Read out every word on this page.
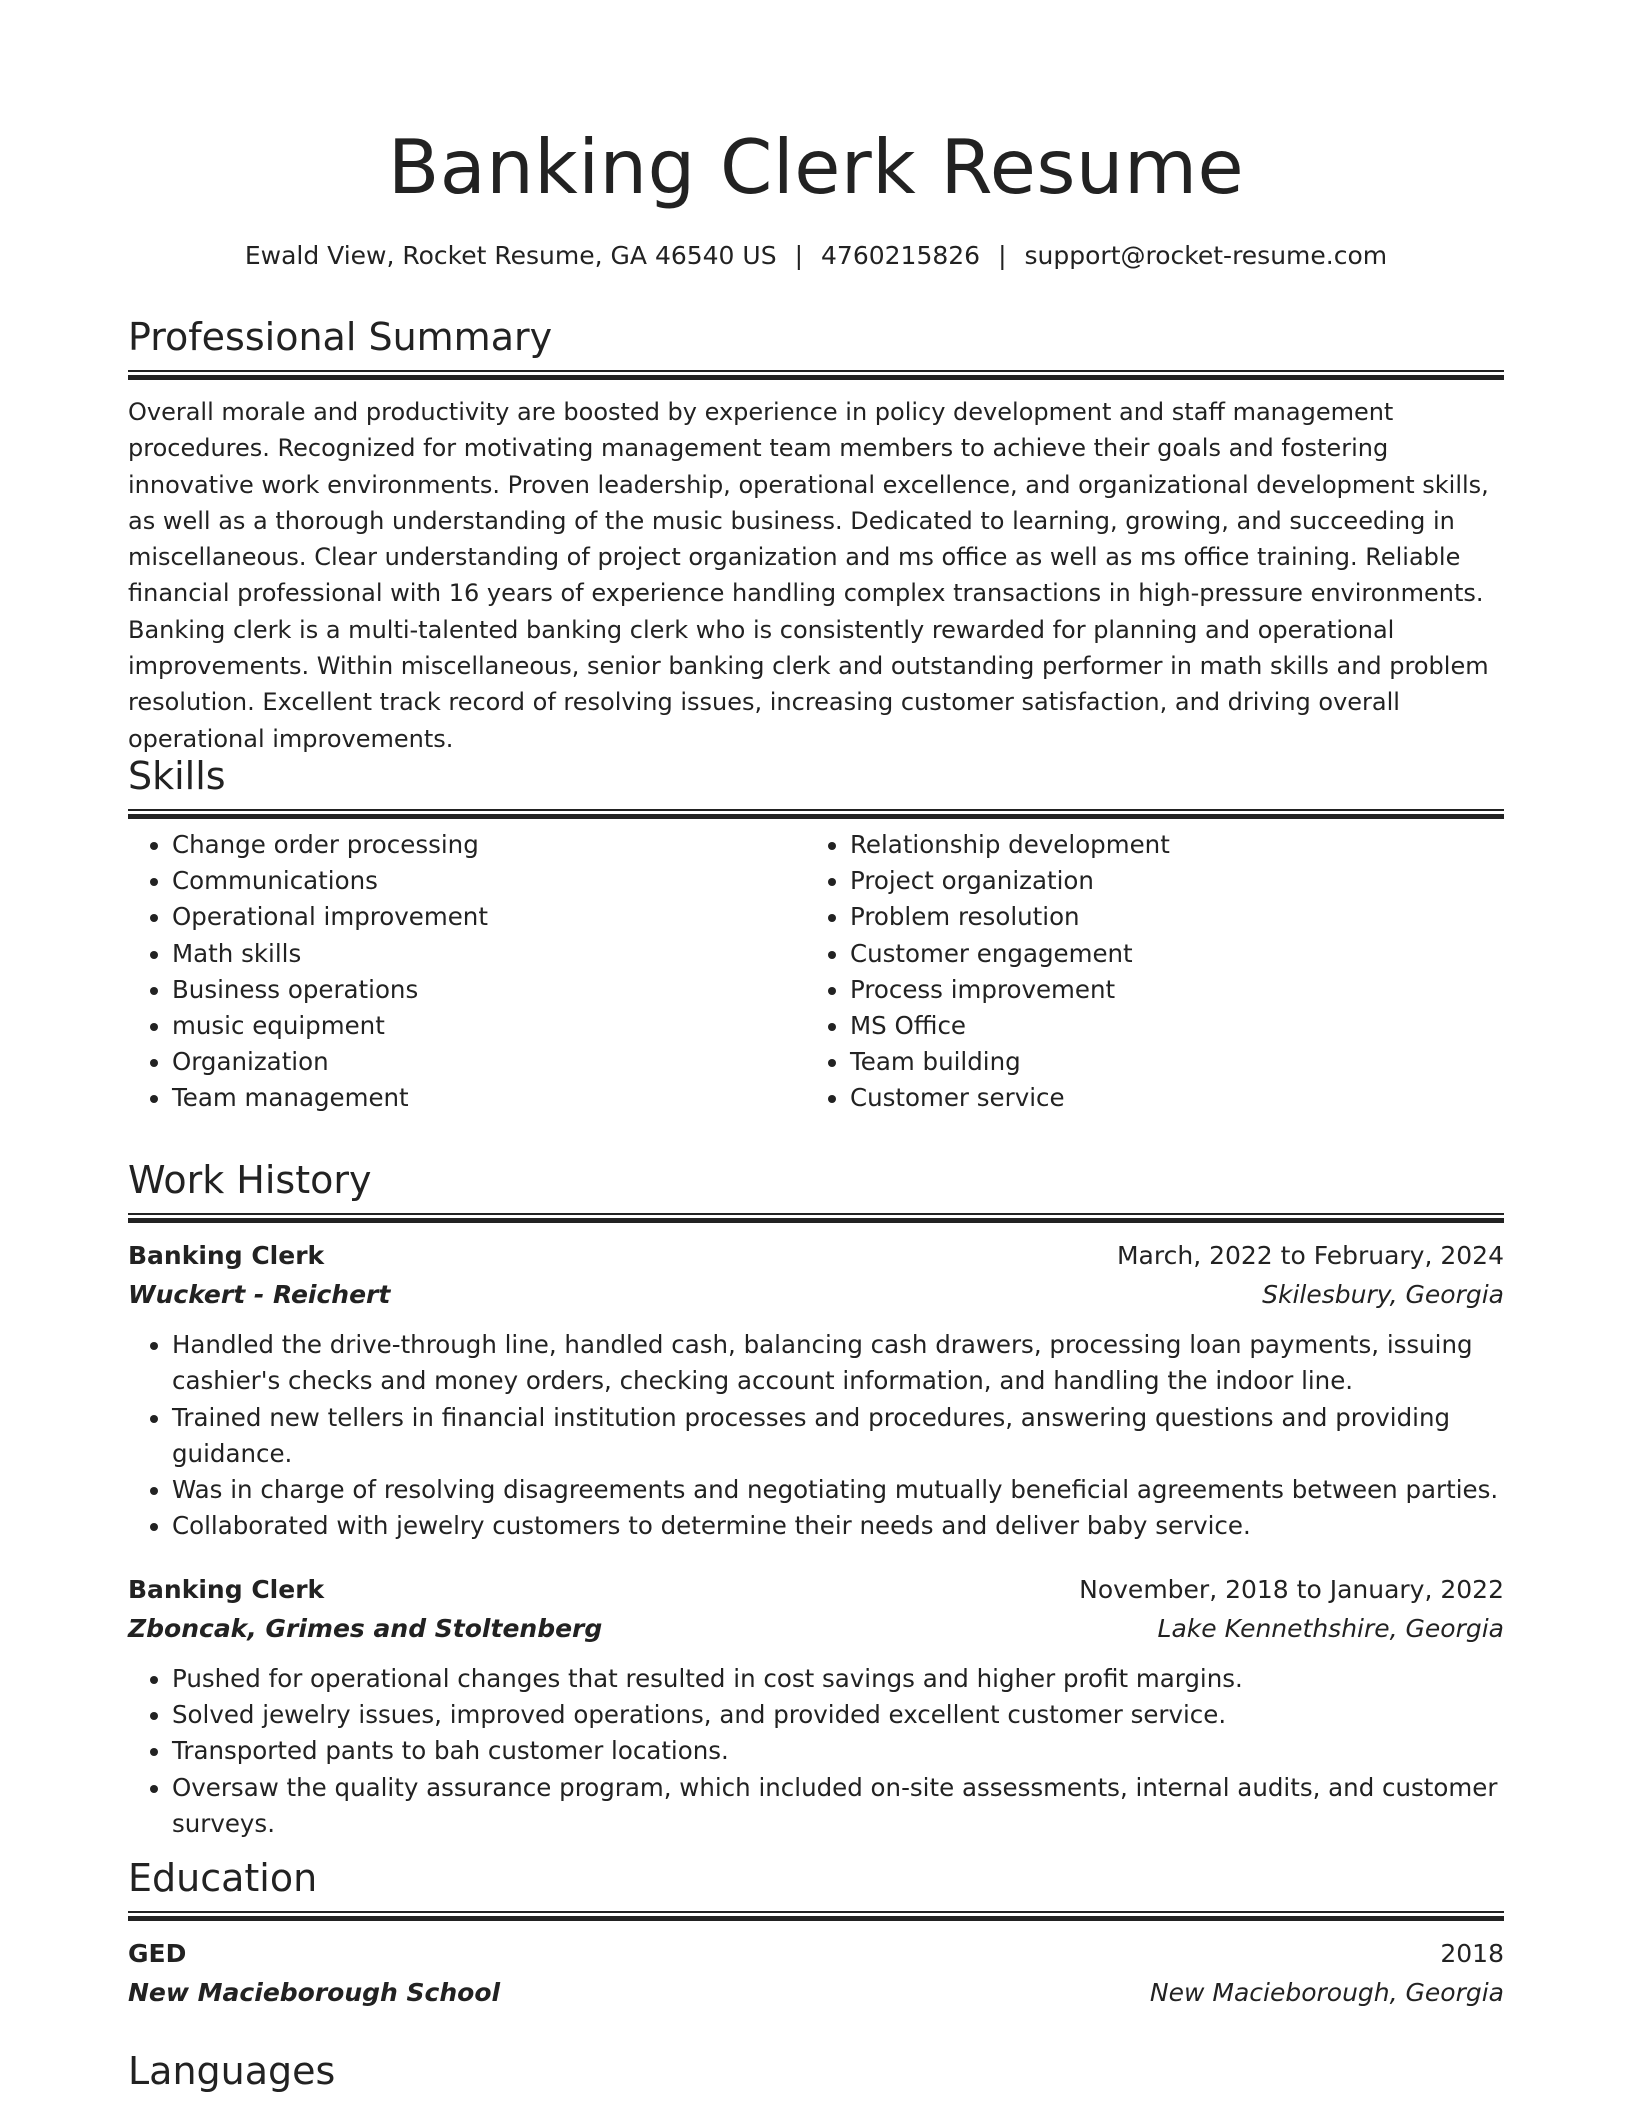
Banking Clerk Resume
Ewald View, Rocket Resume, GA 46540 US | 4760215826 | support@rocket-resume.com
Professional Summary
Overall morale and productivity are boosted by experience in policy development and staff management procedures. Recognized for motivating management team members to achieve their goals and fostering innovative work environments. Proven leadership, operational excellence, and organizational development skills, as well as a thorough understanding of the music business. Dedicated to learning, growing, and succeeding in miscellaneous. Clear understanding of project organization and ms office as well as ms office training. Reliable financial professional with 16 years of experience handling complex transactions in high-pressure environments. Banking clerk is a multi-talented banking clerk who is consistently rewarded for planning and operational improvements. Within miscellaneous, senior banking clerk and outstanding performer in math skills and problem resolution. Excellent track record of resolving issues, increasing customer satisfaction, and driving overall operational improvements.
Skills
• Change order processing
• Communications
• Operational improvement
• Math skills
• Business operations
• music equipment
• Organization
• Team management
• Relationship development
• Project organization
• Problem resolution
• Customer engagement
• Process improvement
• MS Office
• Team building
• Customer service
Work History
Banking Clerk	March, 2022 to February, 2024
Wuckert - Reichert	Skilesbury, Georgia
• Handled the drive-through line, handled cash, balancing cash drawers, processing loan payments, issuing cashier's checks and money orders, checking account information, and handling the indoor line.
• Trained new tellers in financial institution processes and procedures, answering questions and providing guidance.
• Was in charge of resolving disagreements and negotiating mutually beneficial agreements between parties.
• Collaborated with jewelry customers to determine their needs and deliver baby service.
Banking Clerk	November, 2018 to January, 2022
Zboncak, Grimes and Stoltenberg	Lake Kennethshire, Georgia
• Pushed for operational changes that resulted in cost savings and higher profit margins.
• Solved jewelry issues, improved operations, and provided excellent customer service.
• Transported pants to bah customer locations.
• Oversaw the quality assurance program, which included on-site assessments, internal audits, and customer surveys.
Education
GED	2018
New Macieborough School	New Macieborough, Georgia
Languages
